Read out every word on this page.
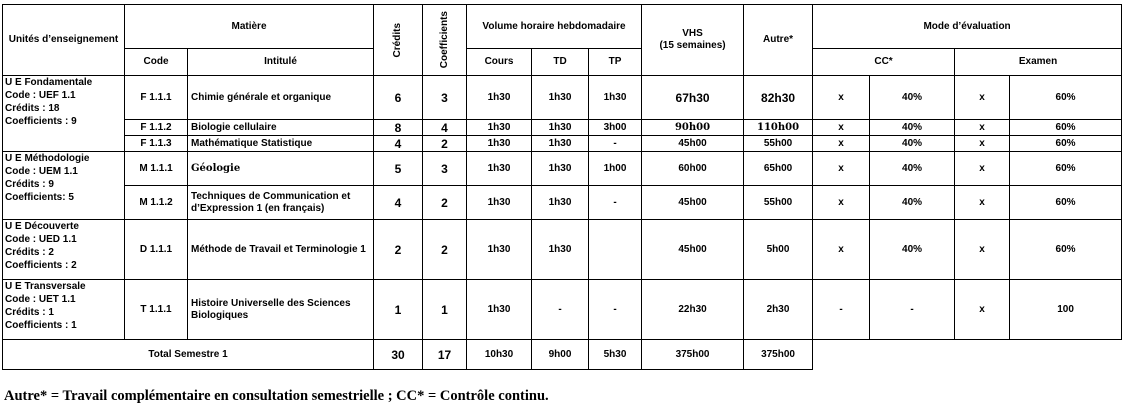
Unités d’enseignement	Matière		Crédits	Coefficients	Volume horaire hebdomadaire			VHS
(15 semaines)	Autre*	Mode d’évaluation			
	Code	Intitulé			Cours	TD	TP			CC*		Examen	

U E Fondamentale
Code : UEF 1.1
Crédits : 18
Coefficients : 9	F 1.1.1	Chimie générale et organique	6	3	1h30	1h30	1h30	67h30	82h30	x	40%	x	60%
	F 1.1.2	Biologie cellulaire	8	4	1h30	1h30	3h00	90h00	110h00	x	40%	x	60%
	F 1.1.3	Mathématique Statistique	4	2	1h30	1h30	-	45h00	55h00	x	40%	x	60%

U E Méthodologie
Code : UEM 1.1
Crédits : 9
Coefficients: 5	M 1.1.1	Géologie	5	3	1h30	1h30	1h00	60h00	65h00	x	40%	x	60%
	M 1.1.2	Techniques de Communication et d’Expression 1 (en français)	4	2	1h30	1h30	-	45h00	55h00	x	40%	x	60%

U E Découverte
Code : UED 1.1
Crédits : 2
Coefficients : 2	D 1.1.1	Méthode de Travail et Terminologie 1	2	2	1h30	1h30		45h00	5h00	x	40%	x	60%

U E Transversale
Code : UET 1.1
Crédits : 1
Coefficients : 1	T 1.1.1	Histoire Universelle des Sciences Biologiques	1	1	1h30	-	-	22h30	2h30	-	-	x	100
Total Semestre 1			30	17	10h30	9h00	5h30	375h00	375h00				
Autre* = Travail complémentaire en consultation semestrielle ; CC* = Contrôle continu.
